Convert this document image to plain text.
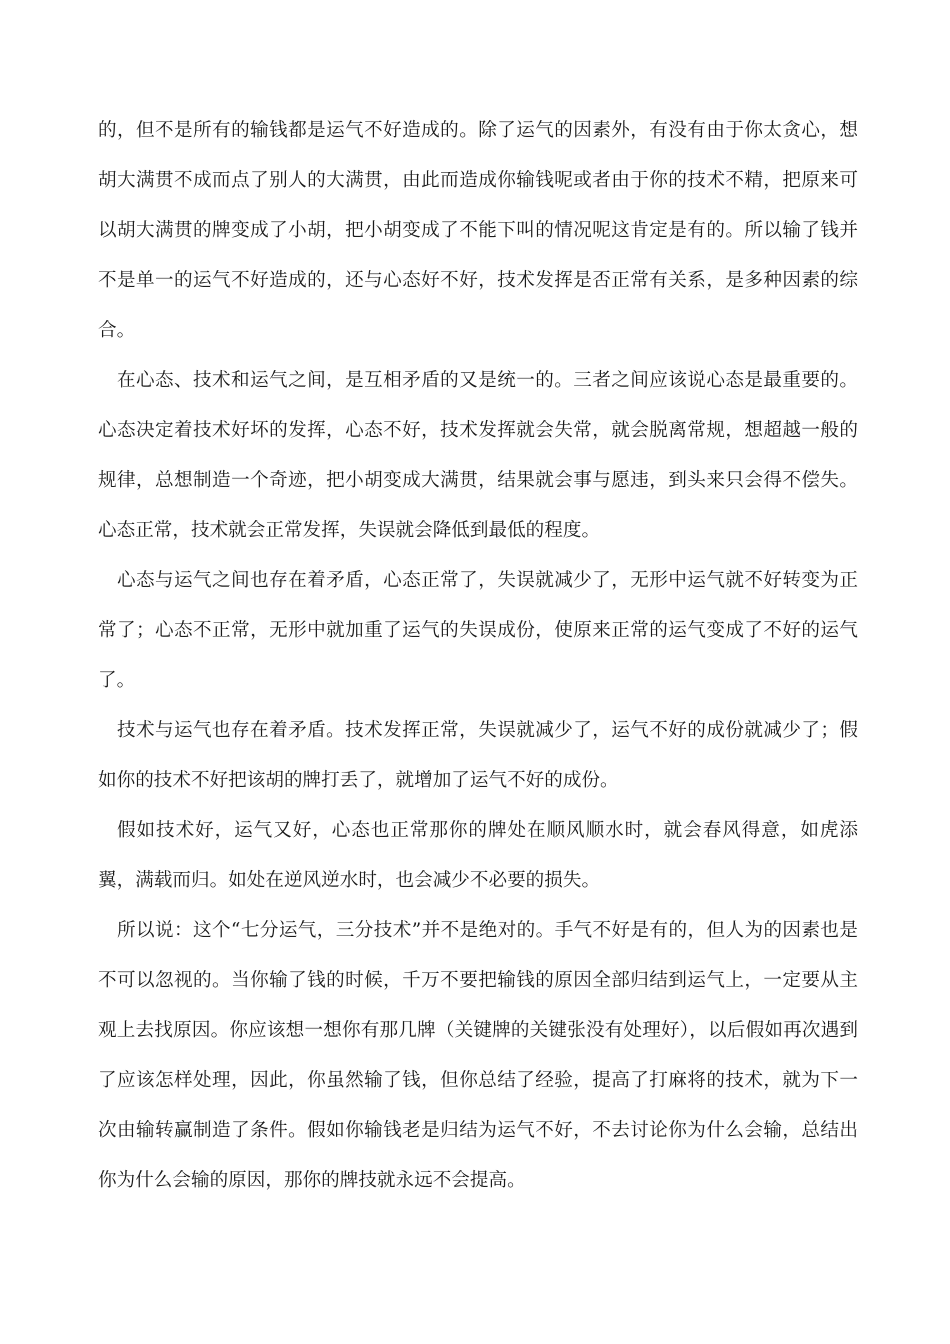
的，但不是所有的输钱都是运气不好造成的。除了运气的因素外，有没有由于你太贪心，想胡大满贯不成而点了别人的大满贯，由此而造成你输钱呢或者由于你的技术不精，把原来可以胡大满贯的牌变成了小胡，把小胡变成了不能下叫的情况呢这肯定是有的。所以输了钱并不是单一的运气不好造成的，还与心态好不好，技术发挥是否正常有关系，是多种因素的综合。

在心态、技术和运气之间，是互相矛盾的又是统一的。三者之间应该说心态是最重要的。心态决定着技术好坏的发挥，心态不好，技术发挥就会失常，就会脱离常规，想超越一般的规律，总想制造一个奇迹，把小胡变成大满贯，结果就会事与愿违，到头来只会得不偿失。心态正常，技术就会正常发挥，失误就会降低到最低的程度。

心态与运气之间也存在着矛盾，心态正常了，失误就减少了，无形中运气就不好转变为正常了；心态不正常，无形中就加重了运气的失误成份，使原来正常的运气变成了不好的运气了。

技术与运气也存在着矛盾。技术发挥正常，失误就减少了，运气不好的成份就减少了；假如你的技术不好把该胡的牌打丢了，就增加了运气不好的成份。

假如技术好，运气又好，心态也正常那你的牌处在顺风顺水时，就会春风得意，如虎添翼，满载而归。如处在逆风逆水时，也会减少不必要的损失。

所以说：这个“七分运气，三分技术”并不是绝对的。手气不好是有的，但人为的因素也是不可以忽视的。当你输了钱的时候，千万不要把输钱的原因全部归结到运气上，一定要从主观上去找原因。你应该想一想你有那几牌（关键牌的关键张没有处理好），以后假如再次遇到了应该怎样处理，因此，你虽然输了钱，但你总结了经验，提高了打麻将的技术，就为下一次由输转赢制造了条件。假如你输钱老是归结为运气不好，不去讨论你为什么会输，总结出你为什么会输的原因，那你的牌技就永远不会提高。
